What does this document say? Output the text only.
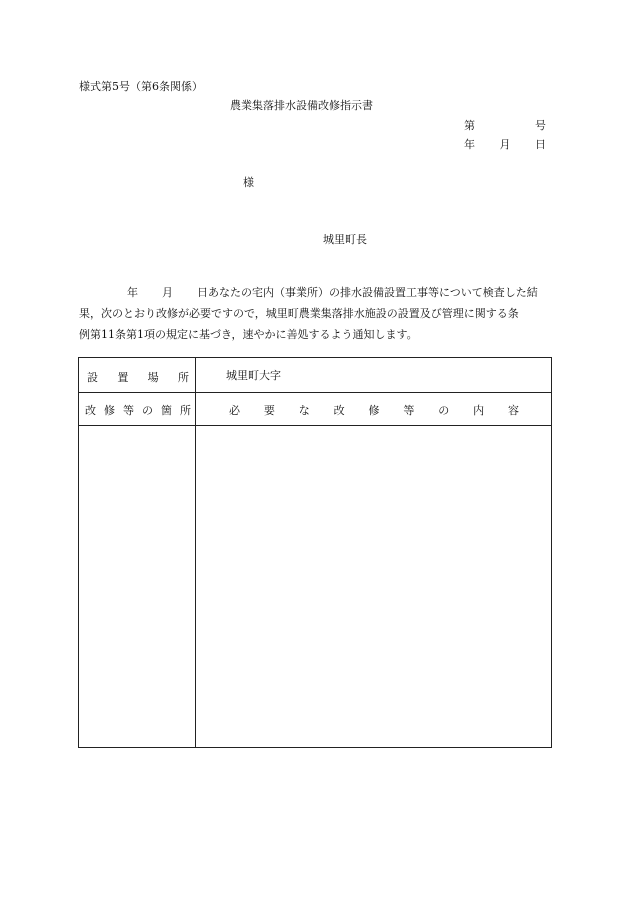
様式第5号（第6条関係）
農業集落排水設備改修指示書
第	号
年 月 日
様
城里町長
年 月 日あなたの宅内（事業所）の排水設備設置工事等について検査した結
果，次のとおり改修が必要ですので，城里町農業集落排水施設の設置及び管理に関する条
例第11条第1項の規定に基づき，速やかに善処するよう通知します。
設 置 場 所	城里町大字
改 修 等 の 箇 所	必 要 な 改 修 等 の 内 容
